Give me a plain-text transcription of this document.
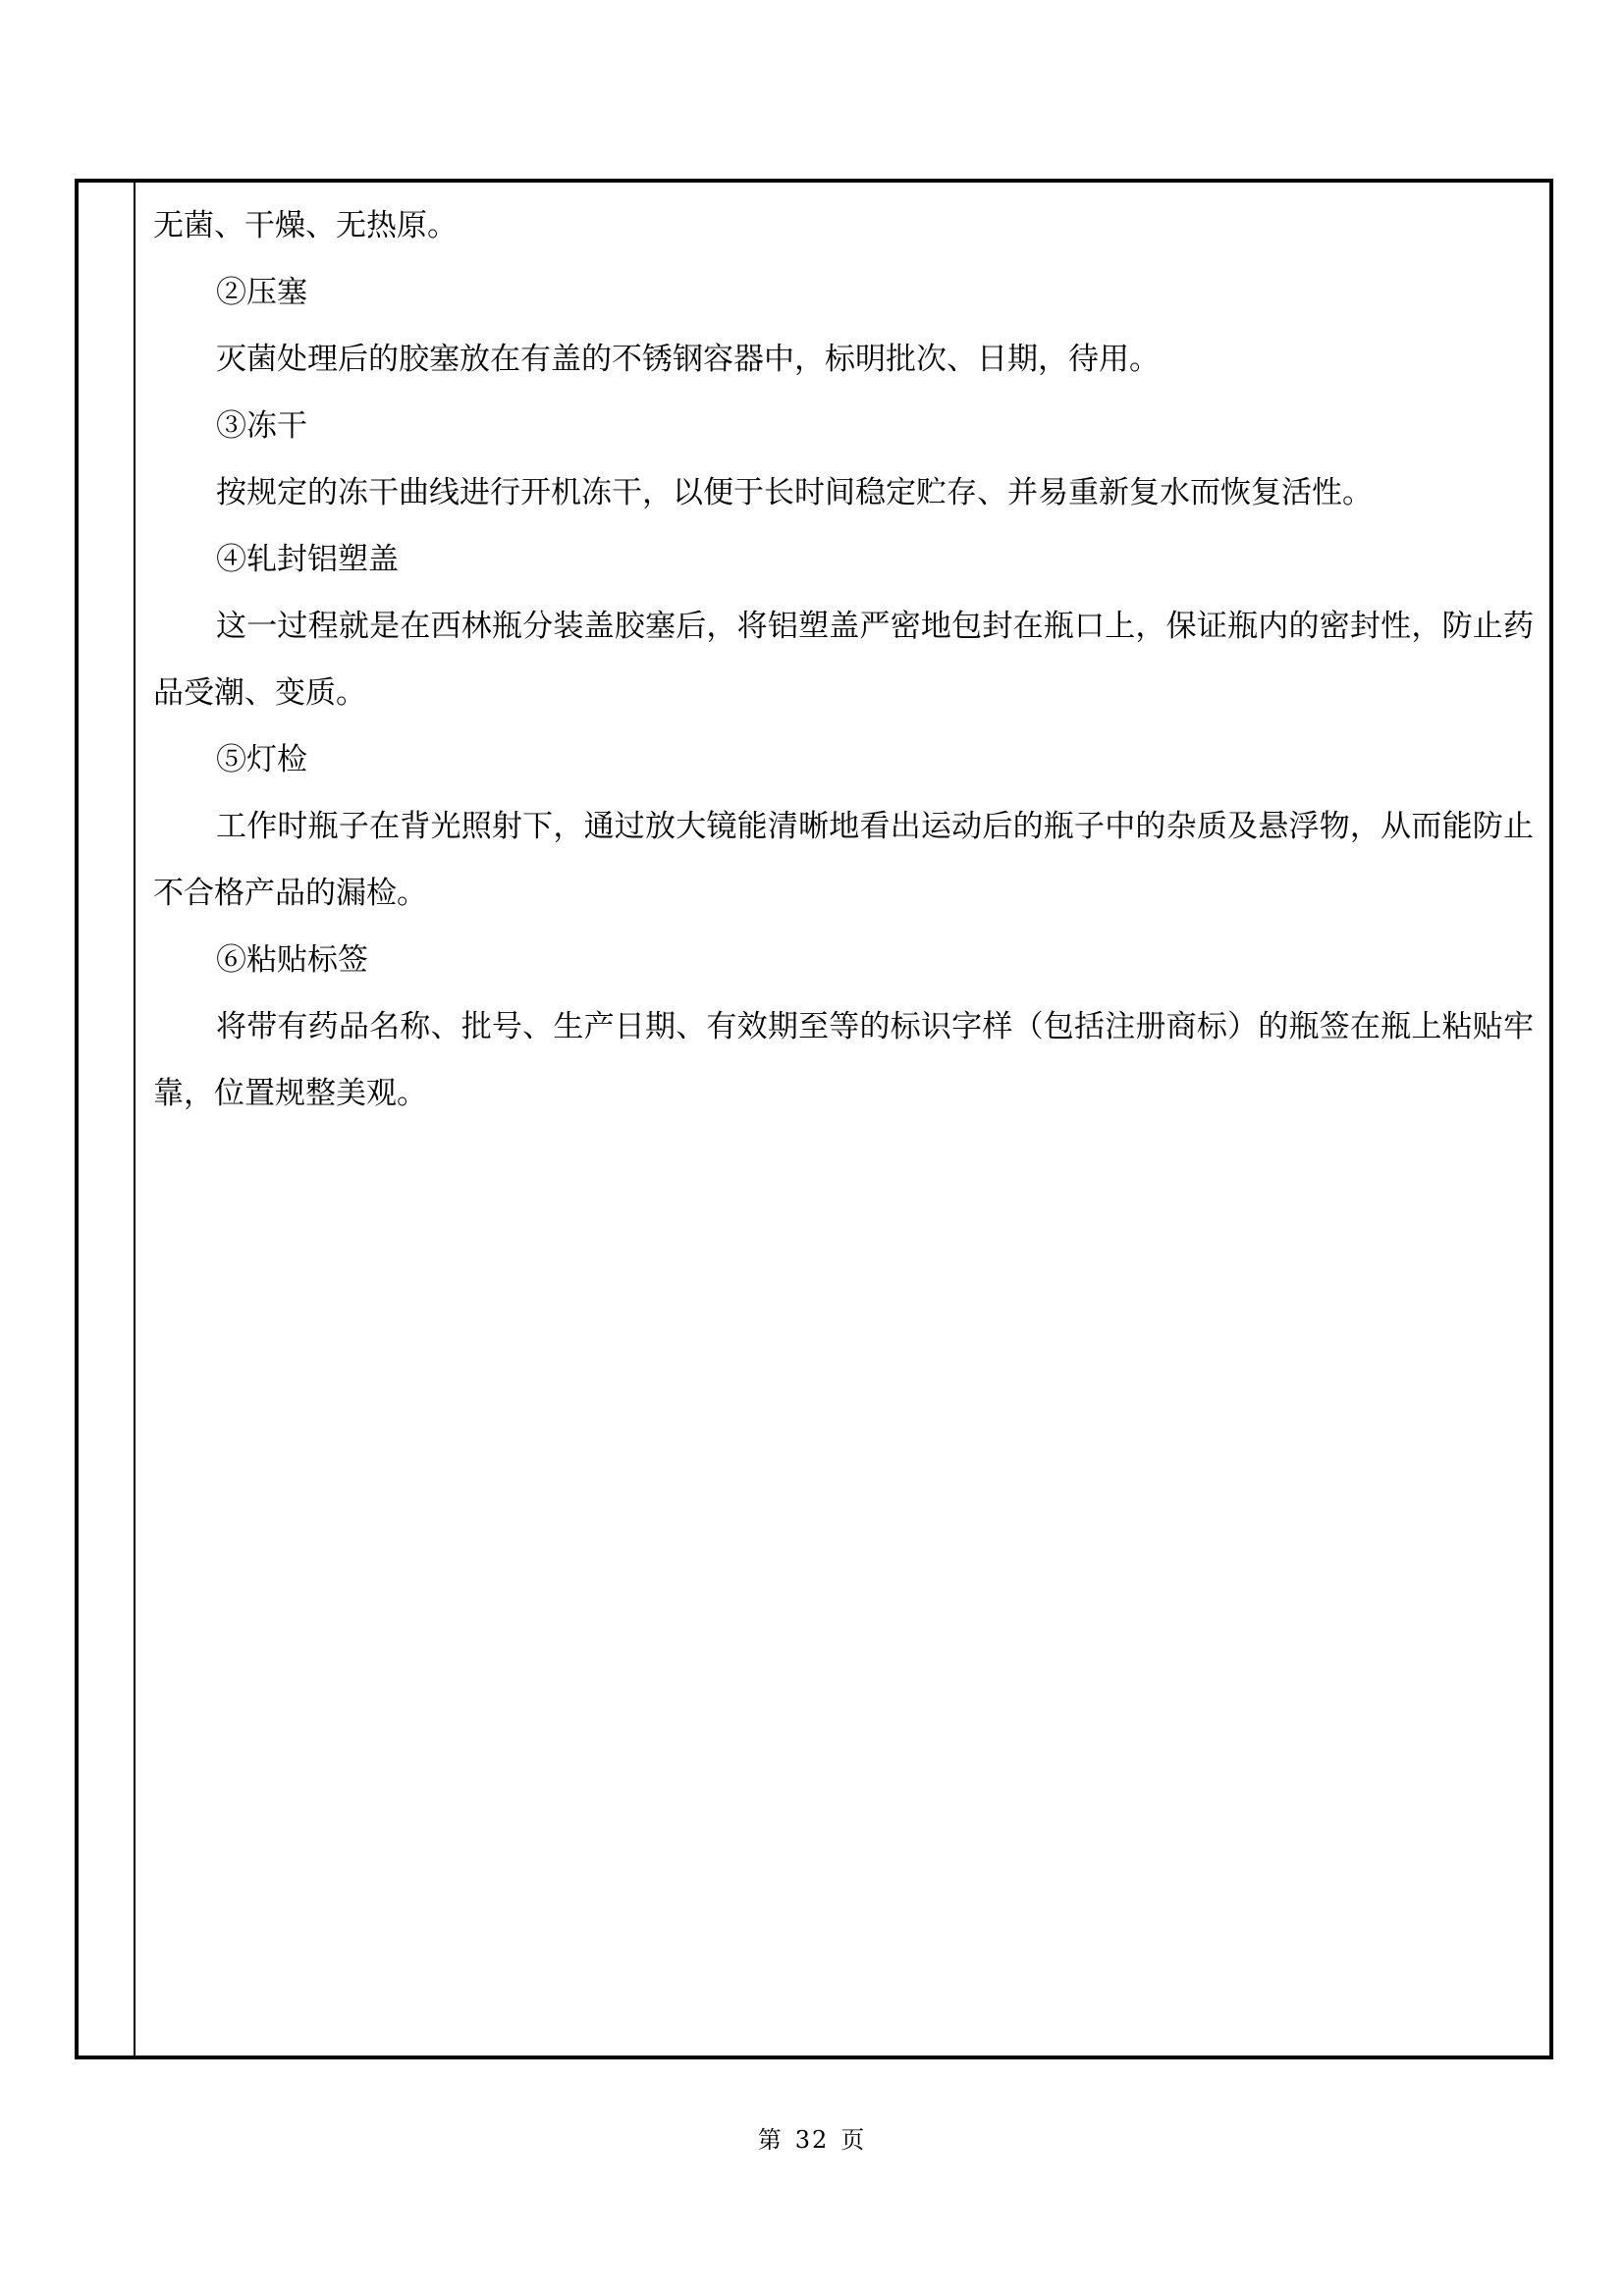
无菌、干燥、无热原。

②压塞

灭菌处理后的胶塞放在有盖的不锈钢容器中，标明批次、日期，待用。

③冻干

按规定的冻干曲线进行开机冻干，以便于长时间稳定贮存、并易重新复水而恢复活性。

④轧封铝塑盖

这一过程就是在西林瓶分装盖胶塞后，将铝塑盖严密地包封在瓶口上，保证瓶内的密封性，防止药品受潮、变质。

⑤灯检

工作时瓶子在背光照射下，通过放大镜能清晰地看出运动后的瓶子中的杂质及悬浮物，从而能防止不合格产品的漏检。

⑥粘贴标签

将带有药品名称、批号、生产日期、有效期至等的标识字样（包括注册商标）的瓶签在瓶上粘贴牢靠，位置规整美观。

第 32 页
